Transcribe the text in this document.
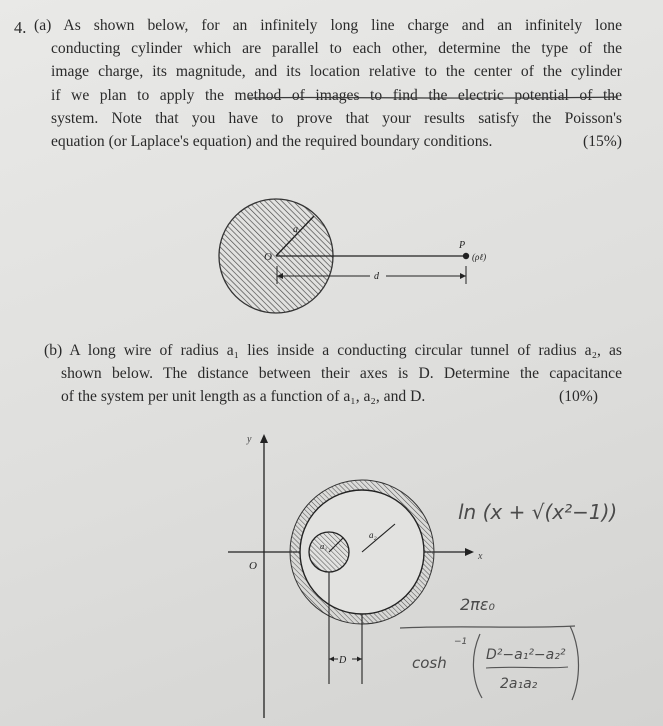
4. (a) As shown below, for an infinitely long line charge and an infinitely lone
conducting cylinder which are parallel to each other, determine the type of the
image charge, its magnitude, and its location relative to the center of the cylinder
if we plan to apply the method of images to find the electric potential of the
system. Note that you have to prove that your results satisfy the Poisson's
equation (or Laplace's equation) and the required boundary conditions.	(15%)
O
a
P
(ρℓ)
d
(b) A long wire of radius a₁ lies inside a conducting circular tunnel of radius a₂, as
shown below. The distance between their axes is D. Determine the capacitance
of the system per unit length as a function of a₁, a₂, and D.	(10%)
y
x
O
a₁
a₂
D
ln (x + √(x²−1))
2πε₀
cosh
−1
D²−a₁²−a₂²
2a₁a₂
